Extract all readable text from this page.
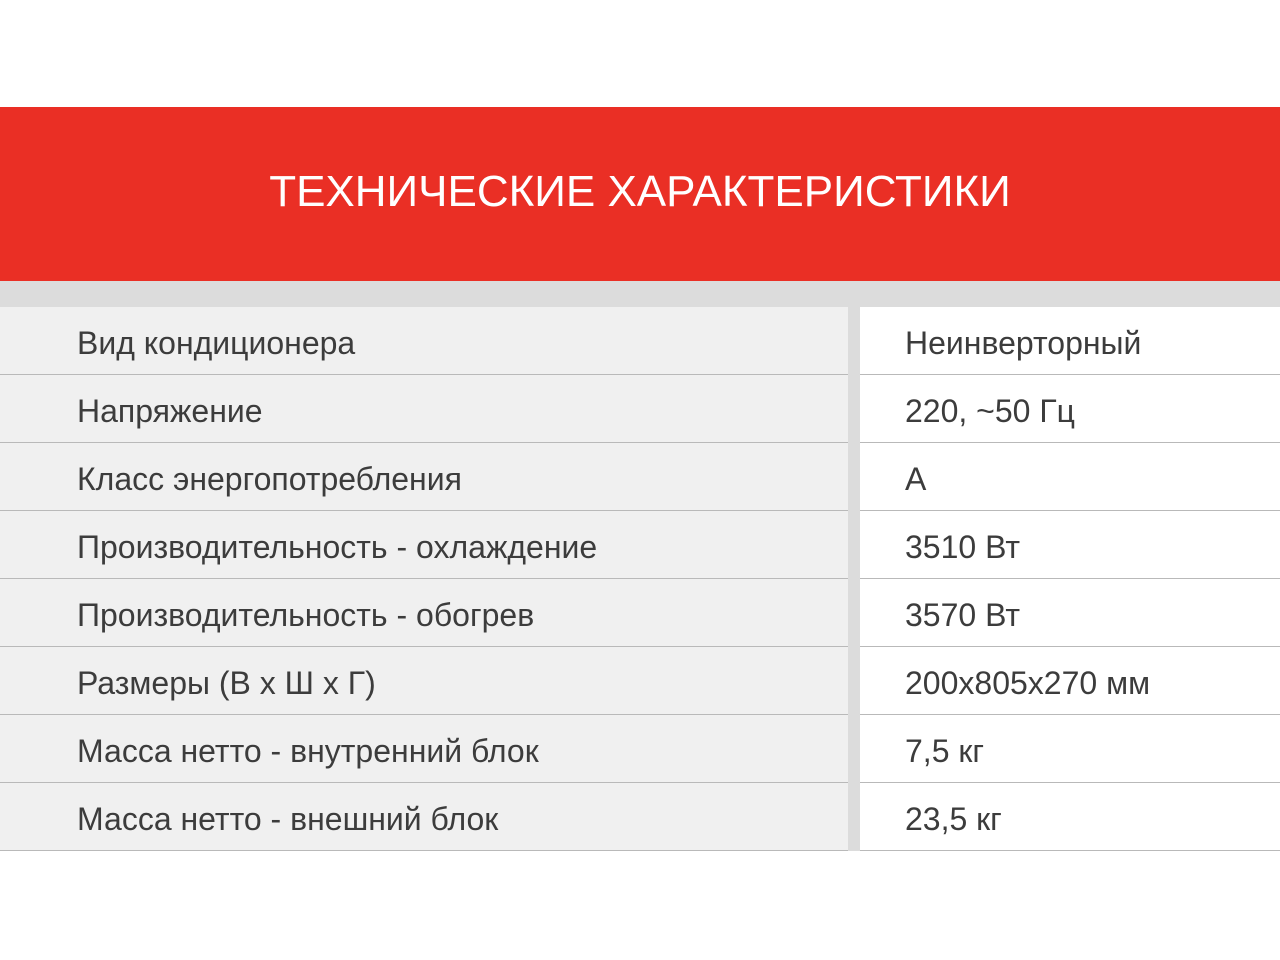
ТЕХНИЧЕСКИЕ ХАРАКТЕРИСТИКИ
Вид кондиционера	Неинверторный
Напряжение	220, ~50 Гц
Класс энергопотребления	A
Производительность - охлаждение	3510 Вт
Производительность - обогрев	3570 Вт
Размеры (В х Ш х Г)	200x805x270 мм
Масса нетто - внутренний блок	7,5 кг
Масса нетто - внешний блок	23,5 кг
